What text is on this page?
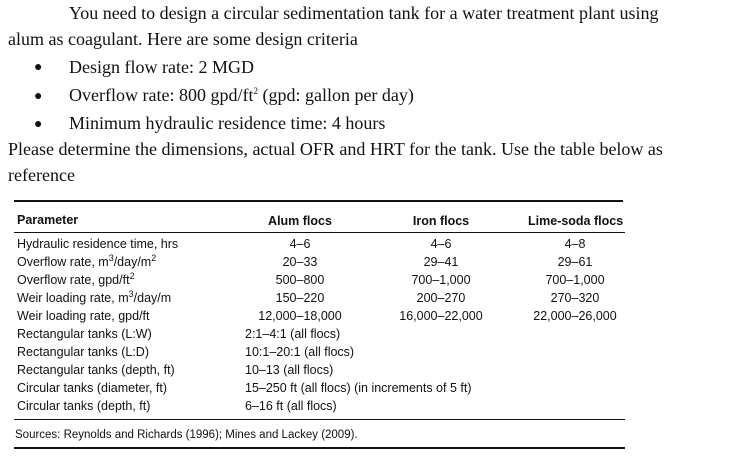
You need to design a circular sedimentation tank for a water treatment plant using
alum as coagulant. Here are some design criteria
● Design flow rate: 2 MGD
● Overflow rate: 800 gpd/$ft^2$ (gpd: gallon per day)
● Minimum hydraulic residence time: 4 hours
Please determine the dimensions, actual OFR and HRT for the tank. Use the table below as
reference
Parameter	Alum flocs	Iron flocs	Lime-soda flocs
Hydraulic residence time, hrs	4–6	4–6	4–8
Overflow rate, $m^3/day/m^2$	20–33	29–41	29–61
Overflow rate, gpd/$ft^2$	500–800	700–1,000	700–1,000
Weir loading rate, $m^3/day/m$	150–220	200–270	270–320
Weir loading rate, gpd/ft	12,000–18,000	16,000–22,000	22,000–26,000
Rectangular tanks (L:W)	2:1–4:1 (all flocs)
Rectangular tanks (L:D)	10:1–20:1 (all flocs)
Rectangular tanks (depth, ft)	10–13 (all flocs)
Circular tanks (diameter, ft)	15–250 ft (all flocs) (in increments of 5 ft)
Circular tanks (depth, ft)	6–16 ft (all flocs)
Sources: Reynolds and Richards (1996); Mines and Lackey (2009).
